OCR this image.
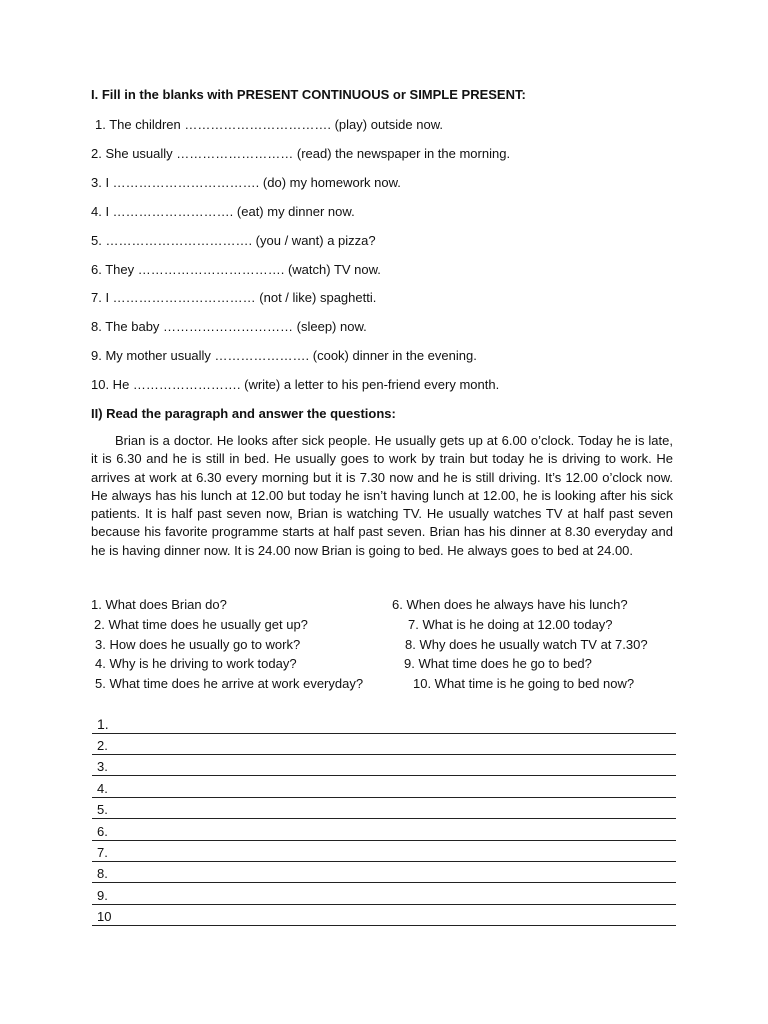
I. Fill in the blanks with PRESENT CONTINUOUS or SIMPLE PRESENT:
1. The children ……………………………. (play) outside now.
2. She usually ……………………… (read) the newspaper in the morning.
3. I ……………………………. (do) my homework now.
4. I ………………………. (eat) my dinner now.
5. ……………………………. (you / want) a pizza?
6. They ……………………………. (watch) TV now.
7. I …………………………… (not / like) spaghetti.
8. The baby ………………………… (sleep) now.
9. My mother usually …………………. (cook) dinner in the evening.
10. He ……………………. (write) a letter to his pen-friend every month.
II) Read the paragraph and answer the questions:
Brian is a doctor. He looks after sick people. He usually gets up at 6.00 o’clock. Today he is late, it is 6.30 and he is still in bed. He usually goes to work by train but today he is driving to work. He arrives at work at 6.30 every morning but it is 7.30 now and he is still driving. It’s 12.00 o’clock now. He always has his lunch at 12.00 but today he isn’t having lunch at 12.00, he is looking after his sick patients. It is half past seven now, Brian is watching TV. He usually watches TV at half past seven because his favorite programme starts at half past seven. Brian has his dinner at 8.30 everyday and he is having dinner now. It is 24.00 now Brian is going to bed. He always goes to bed at 24.00.
1. What does Brian do?
2. What time does he usually get up?
3. How does he usually go to work?
4. Why is he driving to work today?
5. What time does he arrive at work everyday?
6. When does he always have his lunch?
7. What is he doing at 12.00 today?
8. Why does he usually watch TV at 7.30?
9. What time does he go to bed?
10. What time is he going to bed now?
1.
2.
3.
4.
5.
6.
7.
8.
9.
10
